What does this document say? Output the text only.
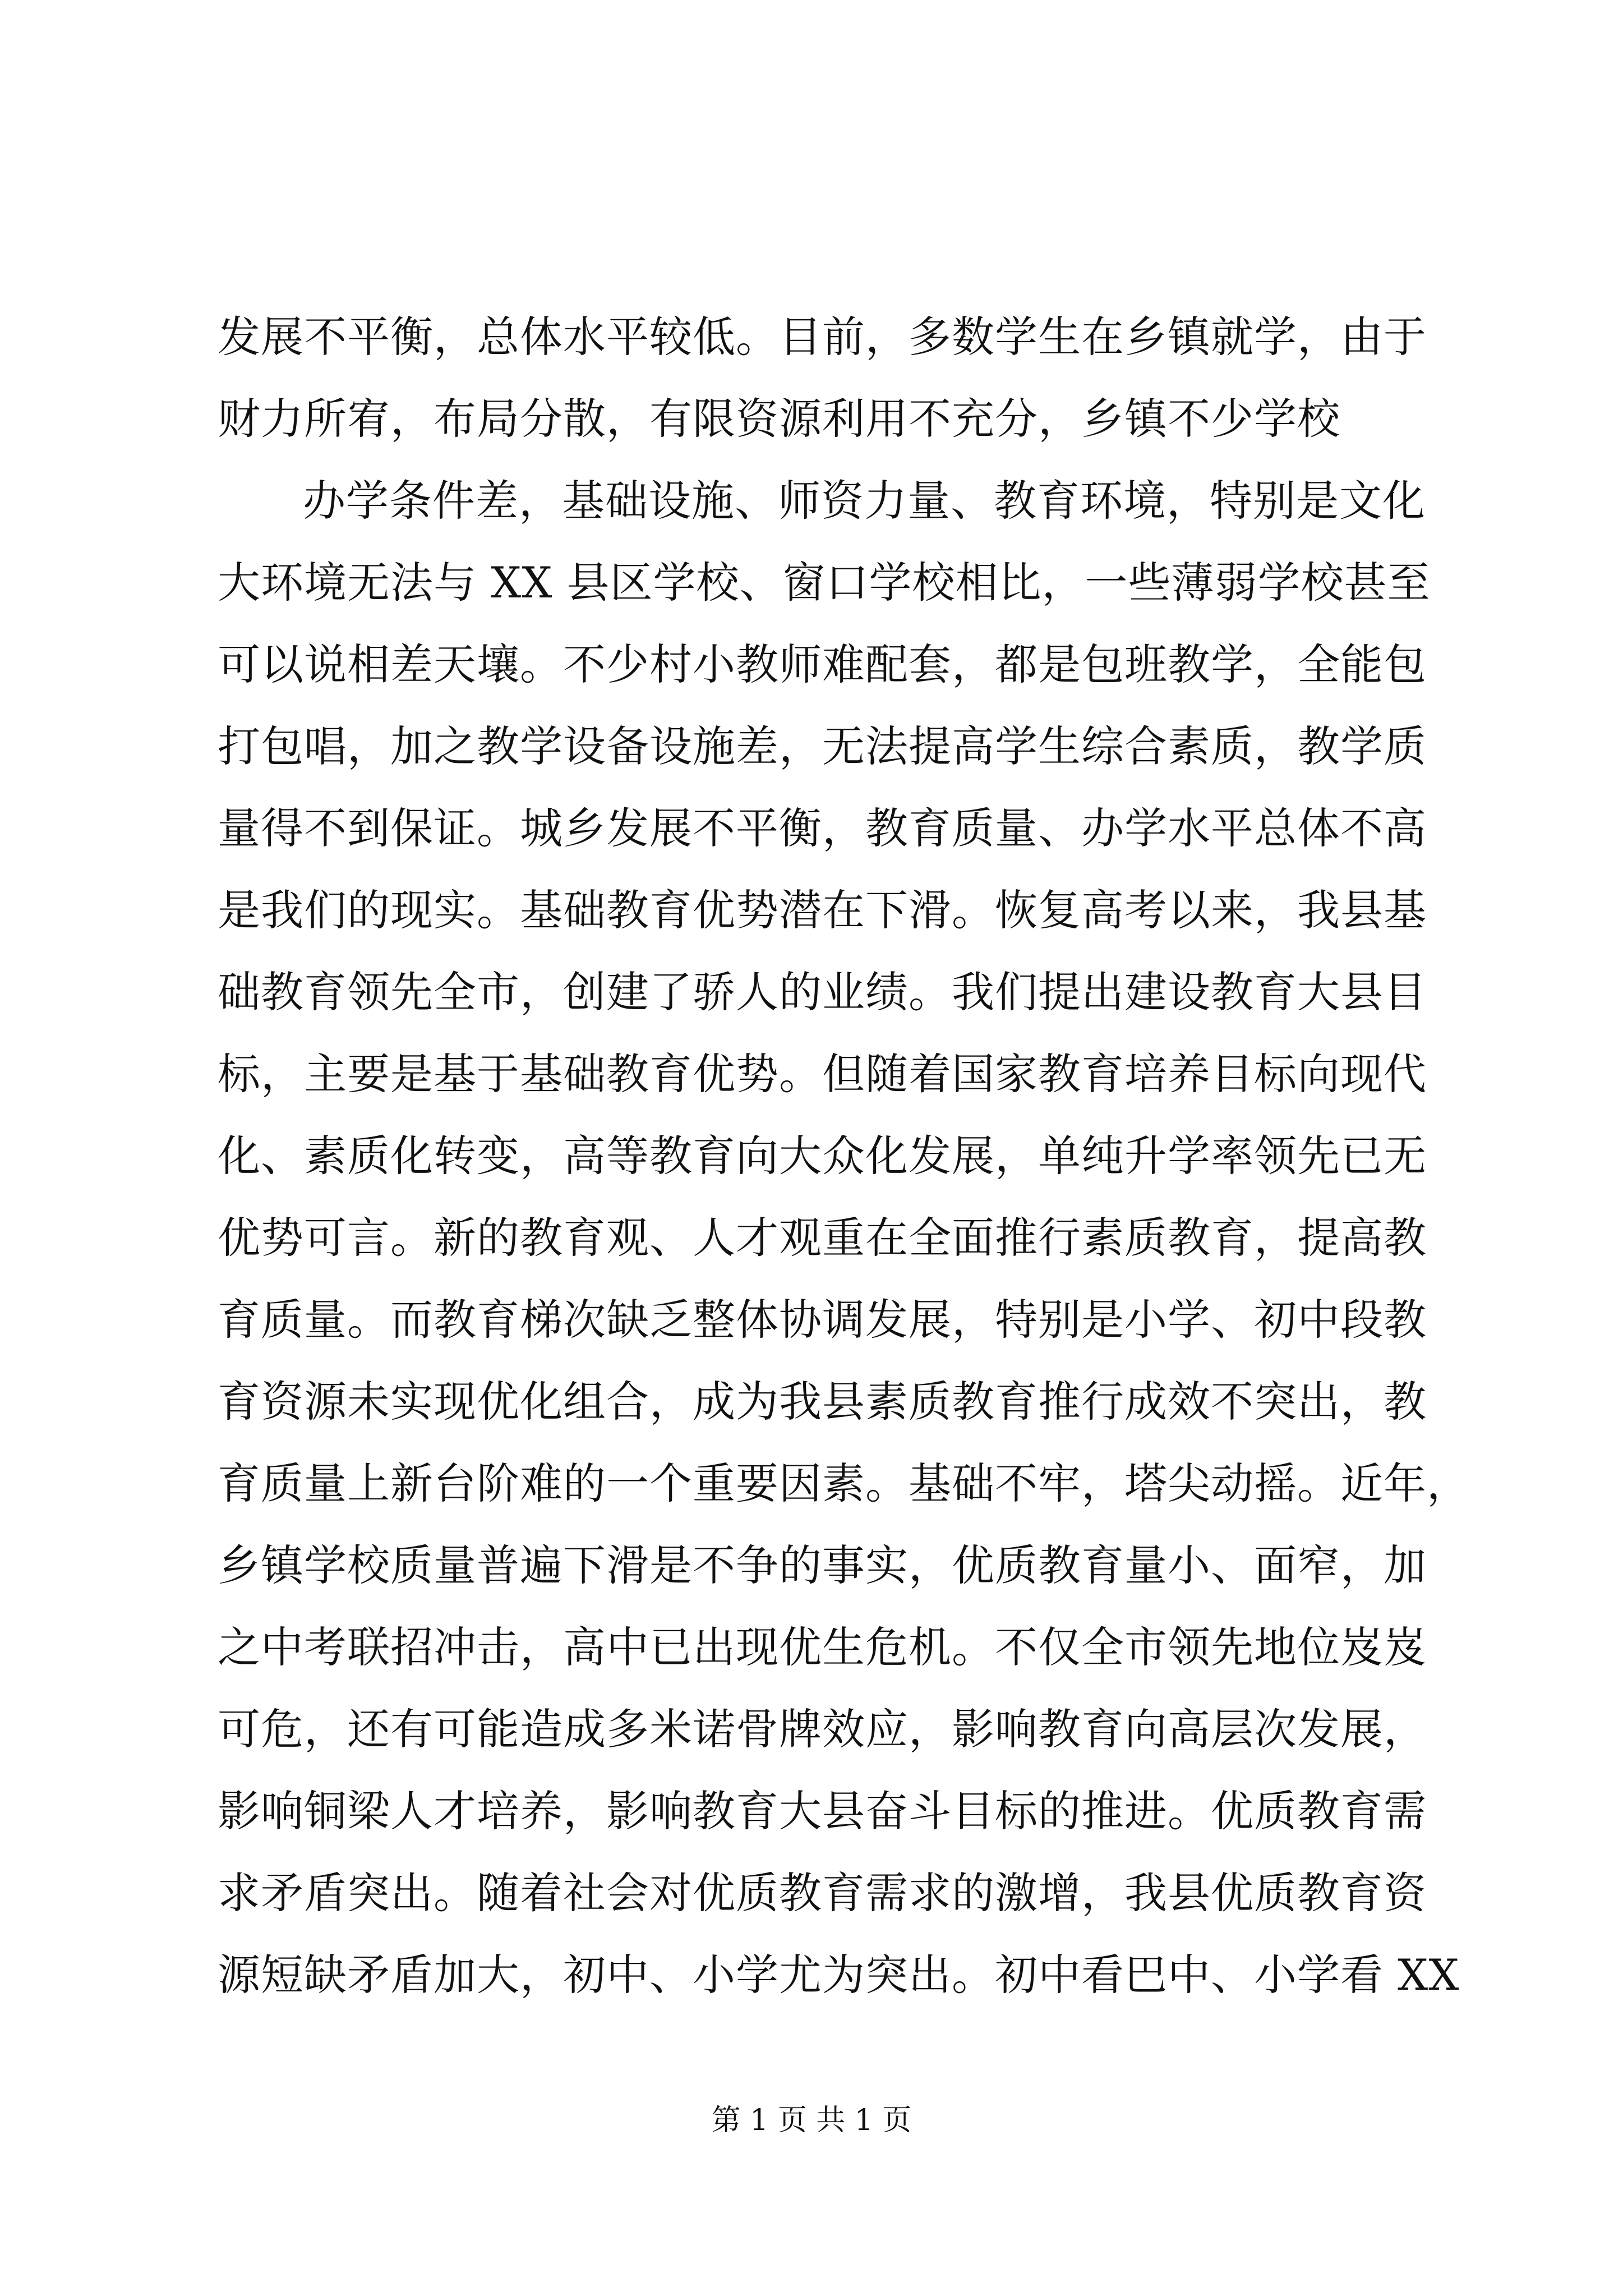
发展不平衡，总体水平较低。目前，多数学生在乡镇就学，由于
财力所宥，布局分散，有限资源利用不充分，乡镇不少学校
办学条件差，基础设施、师资力量、教育环境，特别是文化
大环境无法与 XX 县区学校、窗口学校相比，一些薄弱学校甚至
可以说相差天壤。不少村小教师难配套，都是包班教学，全能包
打包唱，加之教学设备设施差，无法提高学生综合素质，教学质
量得不到保证。城乡发展不平衡，教育质量、办学水平总体不高
是我们的现实。基础教育优势潜在下滑。恢复高考以来，我县基
础教育领先全市，创建了骄人的业绩。我们提出建设教育大县目
标，主要是基于基础教育优势。但随着国家教育培养目标向现代
化、素质化转变，高等教育向大众化发展，单纯升学率领先已无
优势可言。新的教育观、人才观重在全面推行素质教育，提高教
育质量。而教育梯次缺乏整体协调发展，特别是小学、初中段教
育资源未实现优化组合，成为我县素质教育推行成效不突出，教
育质量上新台阶难的一个重要因素。基础不牢，塔尖动摇。近年，
乡镇学校质量普遍下滑是不争的事实，优质教育量小、面窄，加
之中考联招冲击，高中已出现优生危机。不仅全市领先地位岌岌
可危，还有可能造成多米诺骨牌效应，影响教育向高层次发展，
影响铜梁人才培养，影响教育大县奋斗目标的推进。优质教育需
求矛盾突出。随着社会对优质教育需求的激增，我县优质教育资
源短缺矛盾加大，初中、小学尤为突出。初中看巴中、小学看 XX
第 1 页 共 1 页
